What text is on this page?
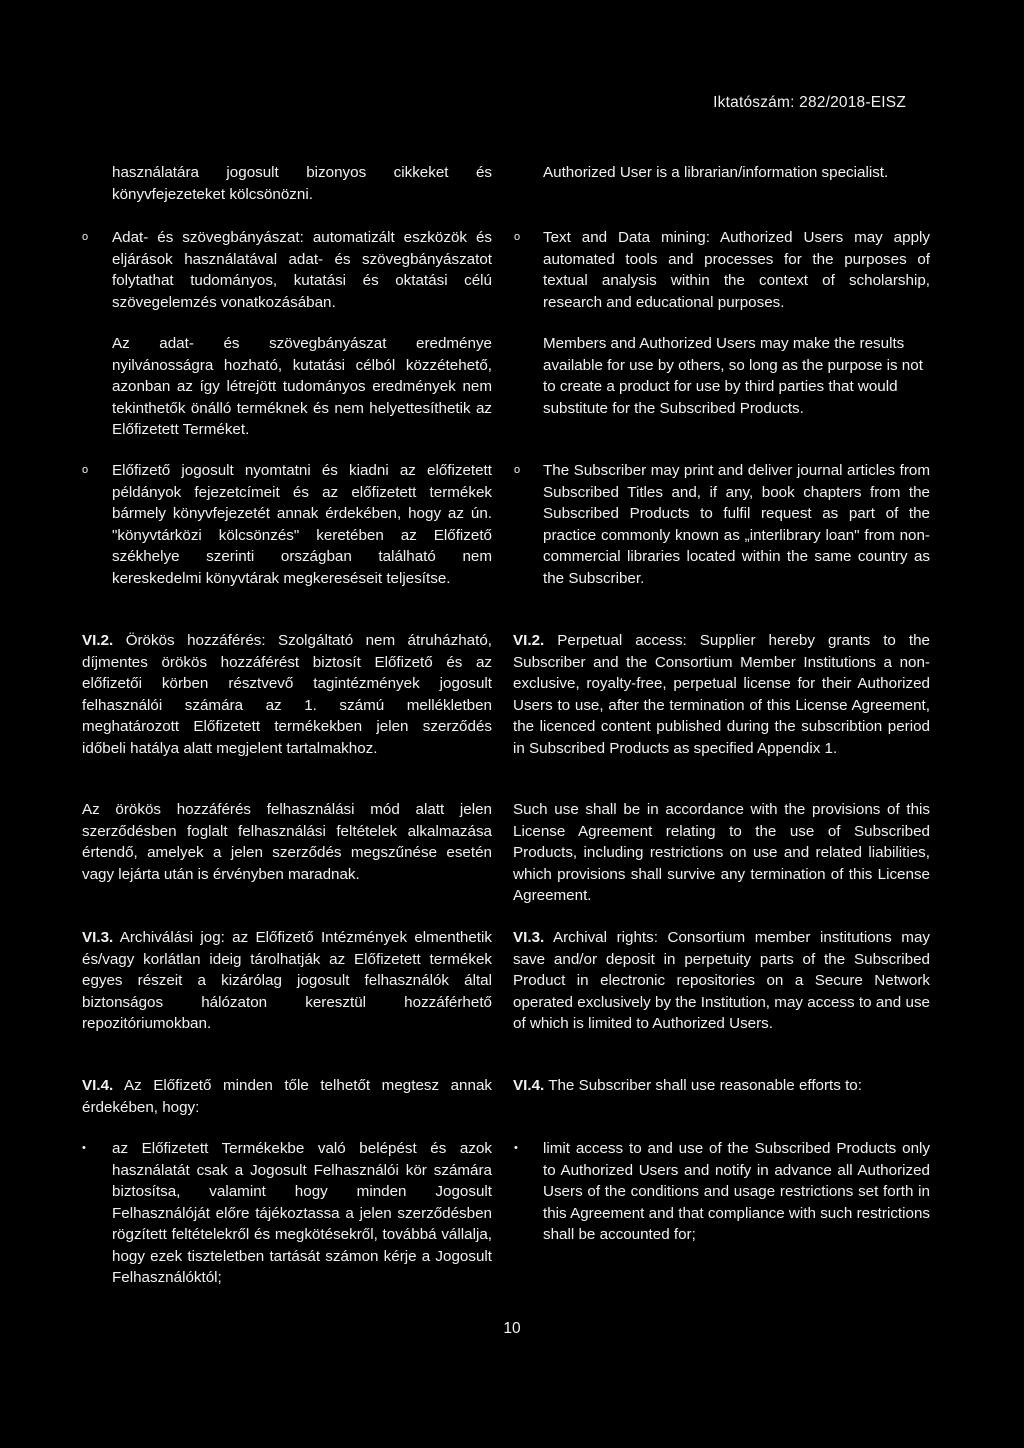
Iktatószám: 282/2018-EISZ
használatára jogosult bizonyos cikkeket és könyvfejezeteket kölcsönözni.
Authorized User is a librarian/information specialist.
o Adat- és szövegbányászat: automatizált eszközök és eljárások használatával adat- és szövegbányászatot folytathat tudományos, kutatási és oktatási célú szövegelemzés vonatkozásában.
o Text and Data mining: Authorized Users may apply automated tools and processes for the purposes of textual analysis within the context of scholarship, research and educational purposes.
Az adat- és szövegbányászat eredménye nyilvánosságra hozható, kutatási célból közzétehető, azonban az így létrejött tudományos eredmények nem tekinthetők önálló terméknek és nem helyettesíthetik az Előfizetett Terméket.
Members and Authorized Users may make the results available for use by others, so long as the purpose is not to create a product for use by third parties that would substitute for the Subscribed Products.
o Előfizető jogosult nyomtatni és kiadni az előfizetett példányok fejezetcímeit és az előfizetett termékek bármely könyvfejezetét annak érdekében, hogy az ún. "könyvtárközi kölcsönzés" keretében az Előfizető székhelye szerinti országban található nem kereskedelmi könyvtárak megkereséseit teljesítse.
o The Subscriber may print and deliver journal articles from Subscribed Titles and, if any, book chapters from the Subscribed Products to fulfil request as part of the practice commonly known as „interlibrary loan" from non-commercial libraries located within the same country as the Subscriber.
VI.2. Örökös hozzáférés: Szolgáltató nem átruházható, díjmentes örökös hozzáférést biztosít Előfizető és az előfizetői körben résztvevő tagintézmények jogosult felhasználói számára az 1. számú mellékletben meghatározott Előfizetett termékekben jelen szerződés időbeli hatálya alatt megjelent tartalmakhoz.
VI.2. Perpetual access: Supplier hereby grants to the Subscriber and the Consortium Member Institutions a non-exclusive, royalty-free, perpetual license for their Authorized Users to use, after the termination of this License Agreement, the licenced content published during the subscribtion period in Subscribed Products as specified Appendix 1.
Az örökös hozzáférés felhasználási mód alatt jelen szerződésben foglalt felhasználási feltételek alkalmazása értendő, amelyek a jelen szerződés megszűnése esetén vagy lejárta után is érvényben maradnak.
Such use shall be in accordance with the provisions of this License Agreement relating to the use of Subscribed Products, including restrictions on use and related liabilities, which provisions shall survive any termination of this License Agreement.
VI.3. Archiválási jog: az Előfizető Intézmények elmenthetik és/vagy korlátlan ideig tárolhatják az Előfizetett termékek egyes részeit a kizárólag jogosult felhasználók által biztonságos hálózaton keresztül hozzáférhető repozitóriumokban.
VI.3. Archival rights: Consortium member institutions may save and/or deposit in perpetuity parts of the Subscribed Product in electronic repositories on a Secure Network operated exclusively by the Institution, may access to and use of which is limited to Authorized Users.
VI.4. Az Előfizető minden tőle telhetőt megtesz annak érdekében, hogy:
VI.4. The Subscriber shall use reasonable efforts to:
• az Előfizetett Termékekbe való belépést és azok használatát csak a Jogosult Felhasználói kör számára biztosítsa, valamint hogy minden Jogosult Felhasználóját előre tájékoztassa a jelen szerződésben rögzített feltételekről és megkötésekről, továbbá vállalja, hogy ezek tiszteletben tartását számon kérje a Jogosult Felhasználóktól;
• limit access to and use of the Subscribed Products only to Authorized Users and notify in advance all Authorized Users of the conditions and usage restrictions set forth in this Agreement and that compliance with such restrictions shall be accounted for;
10
